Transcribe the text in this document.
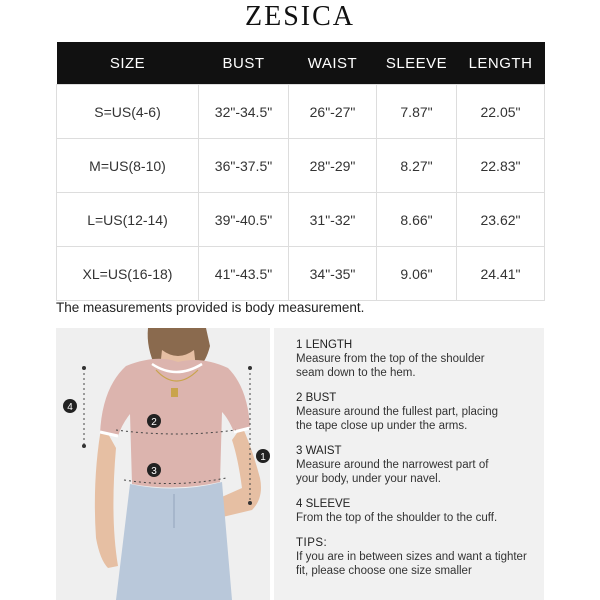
ZESICA
SIZE	BUST	WAIST	SLEEVE	LENGTH
S=US(4-6)	32"-34.5"	26"-27"	7.87"	22.05"
M=US(8-10)	36"-37.5"	28"-29"	8.27"	22.83"
L=US(12-14)	39"-40.5"	31"-32"	8.66"	23.62"
XL=US(16-18)	41"-43.5"	34"-35"	9.06"	24.41"
The measurements provided is body measurement.
4
2
3
1
1 LENGTH
Measure from the top of the shoulder
seam down to the hem.
2 BUST
Measure around the fullest part, placing
the tape close up under the arms.
3 WAIST
Measure around the narrowest part of
your body, under your navel.
4 SLEEVE
From the top of the shoulder to the cuff.
TIPS:
If you are in between sizes and want a tighter
fit, please choose one size smaller
